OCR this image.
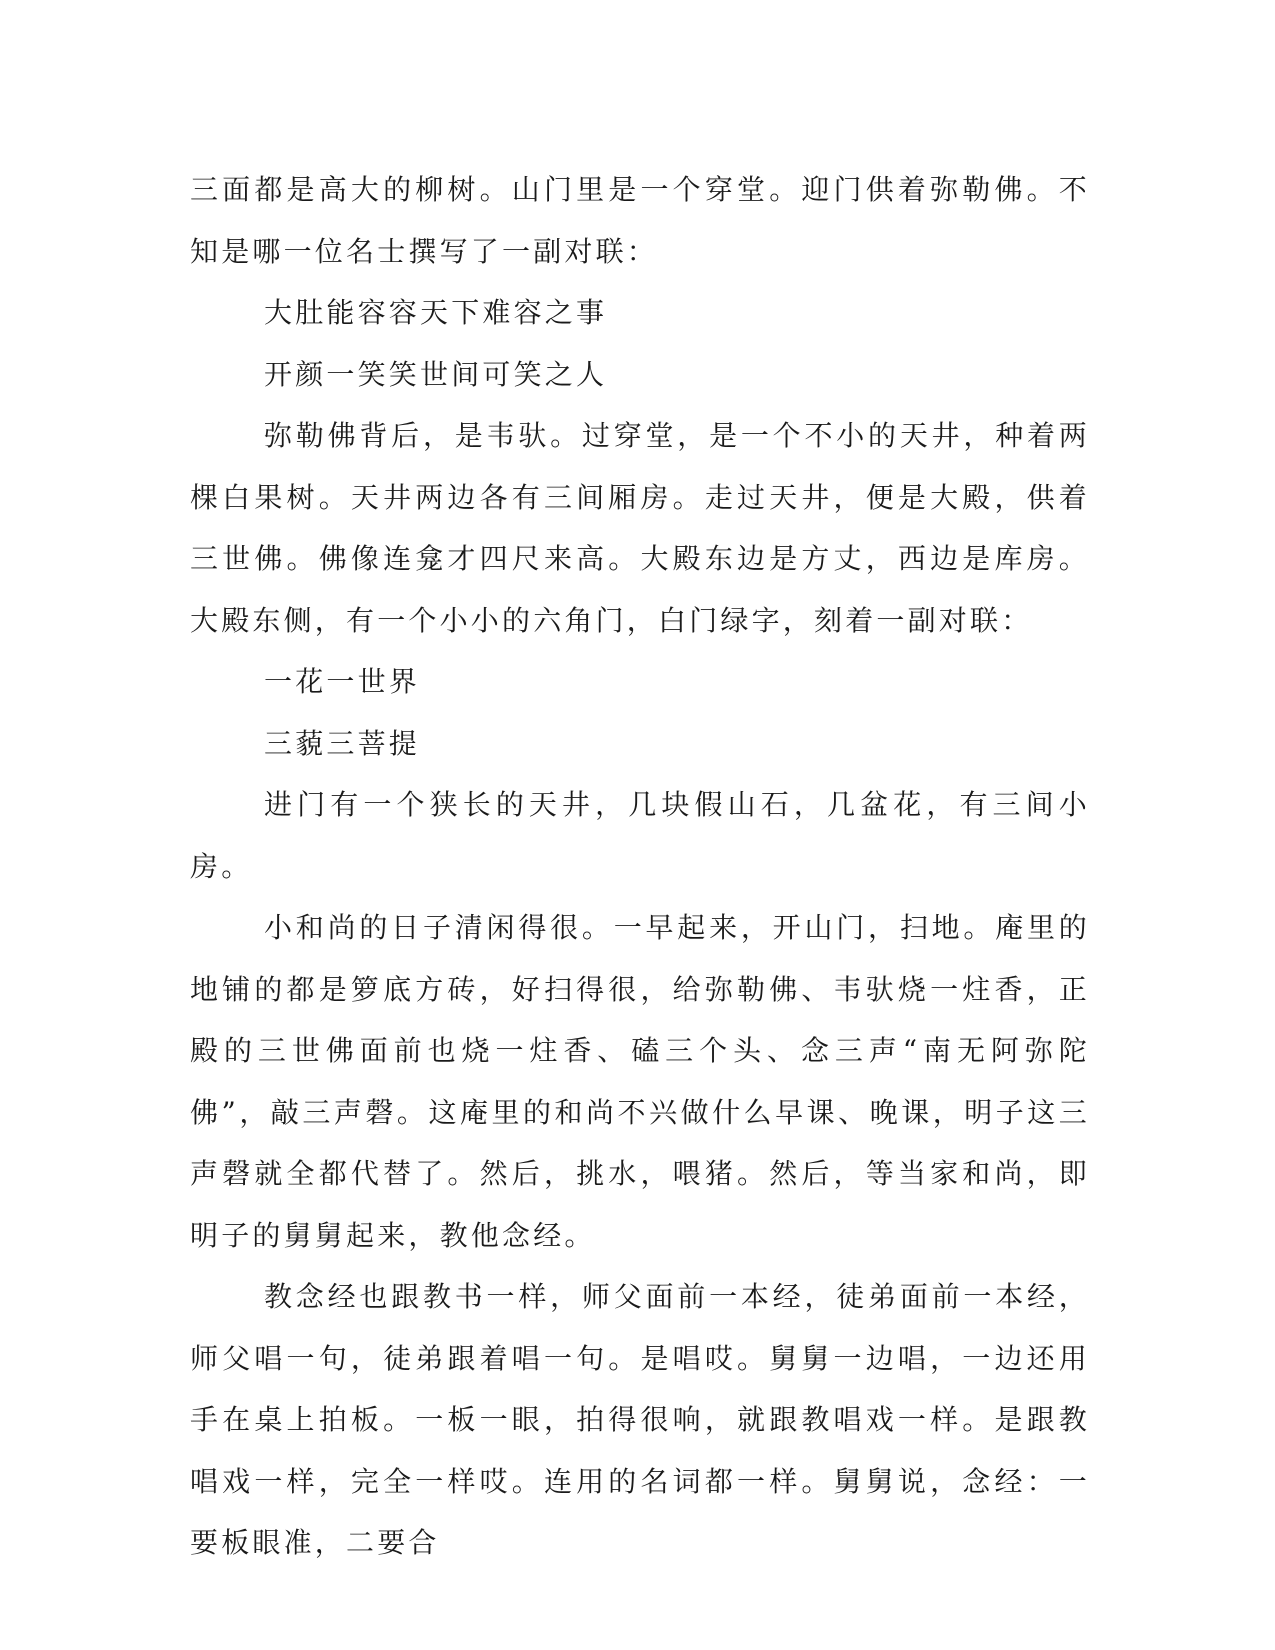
三面都是高大的柳树。山门里是一个穿堂。迎门供着弥勒佛。不知是哪一位名士撰写了一副对联：

大肚能容容天下难容之事

开颜一笑笑世间可笑之人

弥勒佛背后，是韦驮。过穿堂，是一个不小的天井，种着两棵白果树。天井两边各有三间厢房。走过天井，便是大殿，供着三世佛。佛像连龛才四尺来高。大殿东边是方丈，西边是库房。大殿东侧，有一个小小的六角门，白门绿字，刻着一副对联：

一花一世界

三藐三菩提

进门有一个狭长的天井，几块假山石，几盆花，有三间小房。

小和尚的日子清闲得很。一早起来，开山门，扫地。庵里的地铺的都是箩底方砖，好扫得很，给弥勒佛、韦驮烧一炷香，正殿的三世佛面前也烧一炷香、磕三个头、念三声“南无阿弥陀佛”，敲三声磬。这庵里的和尚不兴做什么早课、晚课，明子这三声磬就全都代替了。然后，挑水，喂猪。然后，等当家和尚，即明子的舅舅起来，教他念经。

教念经也跟教书一样，师父面前一本经，徒弟面前一本经，师父唱一句，徒弟跟着唱一句。是唱哎。舅舅一边唱，一边还用手在桌上拍板。一板一眼，拍得很响，就跟教唱戏一样。是跟教唱戏一样，完全一样哎。连用的名词都一样。舅舅说，念经：一要板眼准，二要合
